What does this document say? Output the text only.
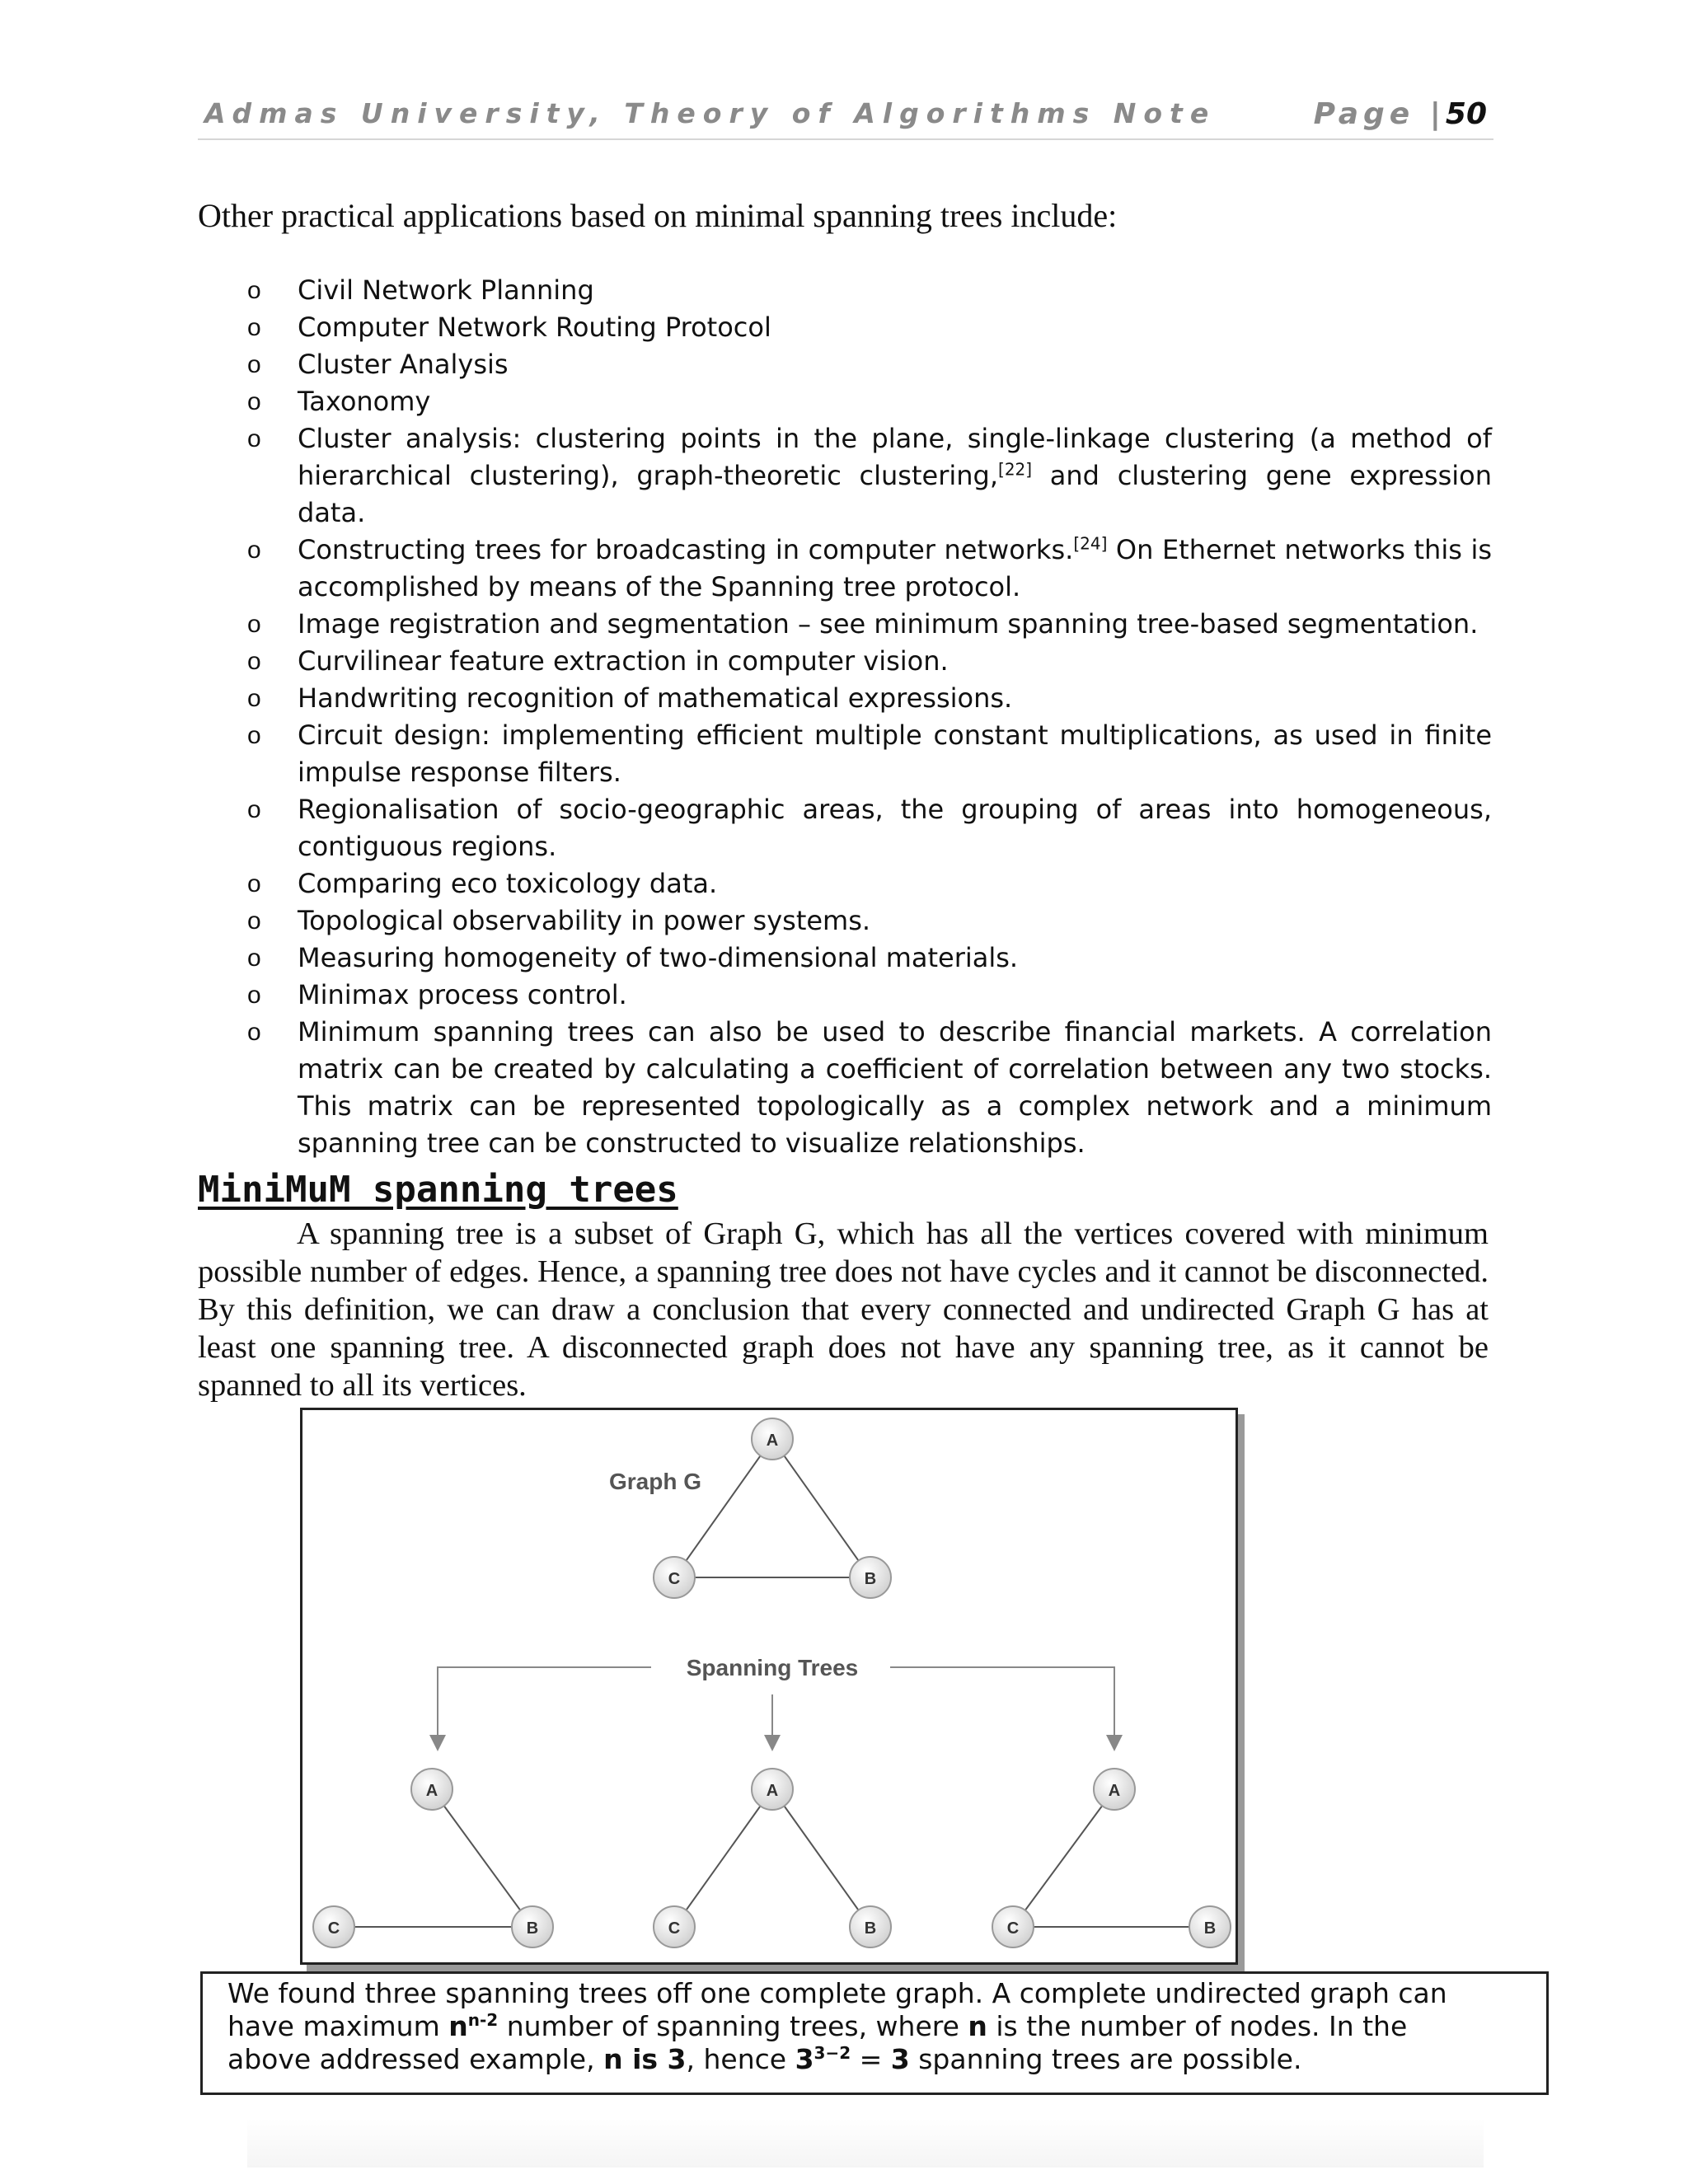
Admas University, Theory of Algorithms Note	Page |50
Other practical applications based on minimal spanning trees include:
o Civil Network Planning
o Computer Network Routing Protocol
o Cluster Analysis
o Taxonomy
o Cluster analysis: clustering points in the plane, single-linkage clustering (a method of hierarchical clustering), graph-theoretic clustering,[22] and clustering gene expression data.
o Constructing trees for broadcasting in computer networks.[24] On Ethernet networks this is accomplished by means of the Spanning tree protocol.
o Image registration and segmentation – see minimum spanning tree-based segmentation.
o Curvilinear feature extraction in computer vision.
o Handwriting recognition of mathematical expressions.
o Circuit design: implementing efficient multiple constant multiplications, as used in finite impulse response filters.
o Regionalisation of socio-geographic areas, the grouping of areas into homogeneous, contiguous regions.
o Comparing eco toxicology data.
o Topological observability in power systems.
o Measuring homogeneity of two-dimensional materials.
o Minimax process control.
o Minimum spanning trees can also be used to describe financial markets. A correlation matrix can be created by calculating a coefficient of correlation between any two stocks. This matrix can be represented topologically as a complex network and a minimum spanning tree can be constructed to visualize relationships.
MiniMuM spanning trees

A spanning tree is a subset of Graph G, which has all the vertices covered with minimum possible number of edges. Hence, a spanning tree does not have cycles and it cannot be disconnected. By this definition, we can draw a conclusion that every connected and undirected Graph G has at least one spanning tree. A disconnected graph does not have any spanning tree, as it cannot be spanned to all its vertices.

Graph G
Spanning Trees
A
C	B
A
C	B
A
C	B
A
C	B
We found three spanning trees off one complete graph. A complete undirected graph can
have maximum $n^{n-2}$ number of spanning trees, where n is the number of nodes. In the
above addressed example, n is 3, hence $3^{3-2} = 3$ spanning trees are possible.
